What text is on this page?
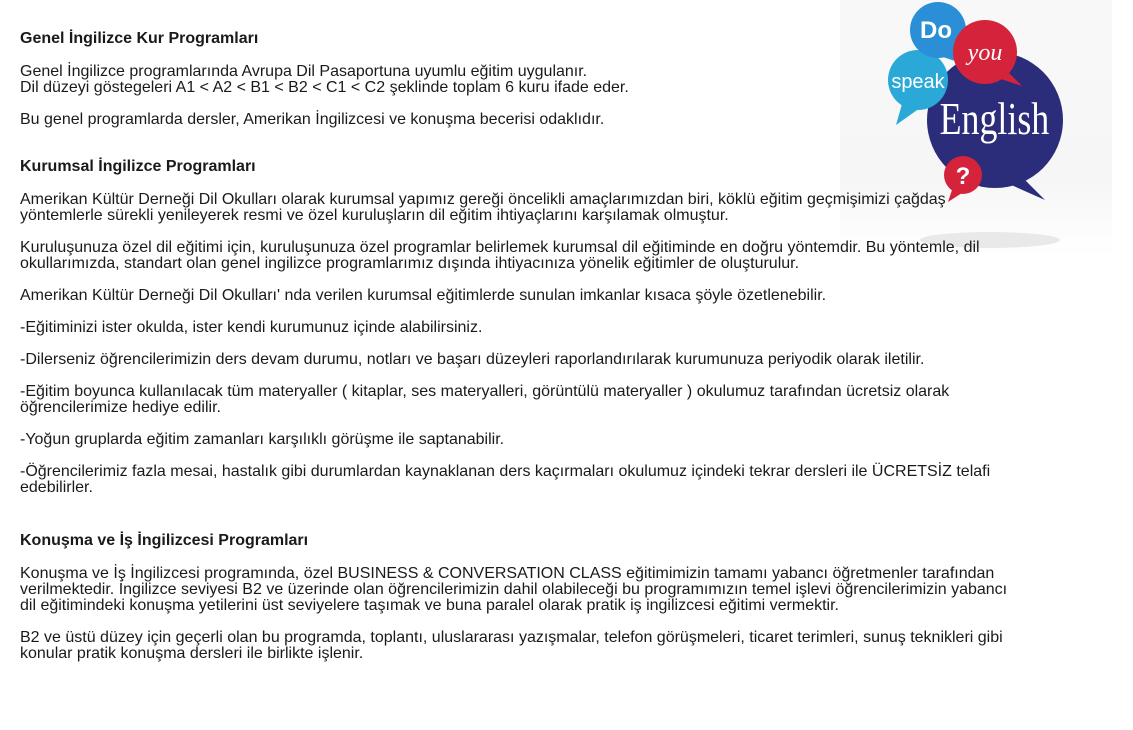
English
speak
Do
you
?
Genel İngilizce Kur Programları

Genel İngilizce programlarında Avrupa Dil Pasaportuna uyumlu eğitim uygulanır.
Dil düzeyi göstegeleri A1 < A2 < B1 < B2 < C1 < C2 şeklinde toplam 6 kuru ifade eder.

Bu genel programlarda dersler, Amerikan İngilizcesi ve konuşma becerisi odaklıdır.

Kurumsal İngilizce Programları

Amerikan Kültür Derneği Dil Okulları olarak kurumsal yapımız gereği öncelikli amaçlarımızdan biri, köklü eğitim geçmişimizi çağdaş
yöntemlerle sürekli yenileyerek resmi ve özel kuruluşların dil eğitim ihtiyaçlarını karşılamak olmuştur.

Kuruluşunuza özel dil eğitimi için, kuruluşunuza özel programlar belirlemek kurumsal dil eğitiminde en doğru yöntemdir. Bu yöntemle, dil
okullarımızda, standart olan genel ingilizce programlarımız dışında ihtiyacınıza yönelik eğitimler de oluşturulur.

Amerikan Kültür Derneği Dil Okulları' nda verilen kurumsal eğitimlerde sunulan imkanlar kısaca şöyle özetlenebilir.

-Eğitiminizi ister okulda, ister kendi kurumunuz içinde alabilirsiniz.

-Dilerseniz öğrencilerimizin ders devam durumu, notları ve başarı düzeyleri raporlandırılarak kurumunuza periyodik olarak iletilir.

-Eğitim boyunca kullanılacak tüm materyaller ( kitaplar, ses materyalleri, görüntülü materyaller ) okulumuz tarafından ücretsiz olarak
öğrencilerimize hediye edilir.

-Yoğun gruplarda eğitim zamanları karşılıklı görüşme ile saptanabilir.

-Öğrencilerimiz fazla mesai, hastalık gibi durumlardan kaynaklanan ders kaçırmaları okulumuz içindeki tekrar dersleri ile ÜCRETSİZ telafi
edebilirler.

Konuşma ve İş İngilizcesi Programları

Konuşma ve İş İngilizcesi programında, özel BUSINESS & CONVERSATION CLASS eğitimimizin tamamı yabancı öğretmenler tarafından
verilmektedir. İngilizce seviyesi B2 ve üzerinde olan öğrencilerimizin dahil olabileceği bu programımızın temel işlevi öğrencilerimizin yabancı
dil eğitimindeki konuşma yetilerini üst seviyelere taşımak ve buna paralel olarak pratik iş ingilizcesi eğitimi vermektir.

B2 ve üstü düzey için geçerli olan bu programda, toplantı, uluslararası yazışmalar, telefon görüşmeleri, ticaret terimleri, sunuş teknikleri gibi
konular pratik konuşma dersleri ile birlikte işlenir.
